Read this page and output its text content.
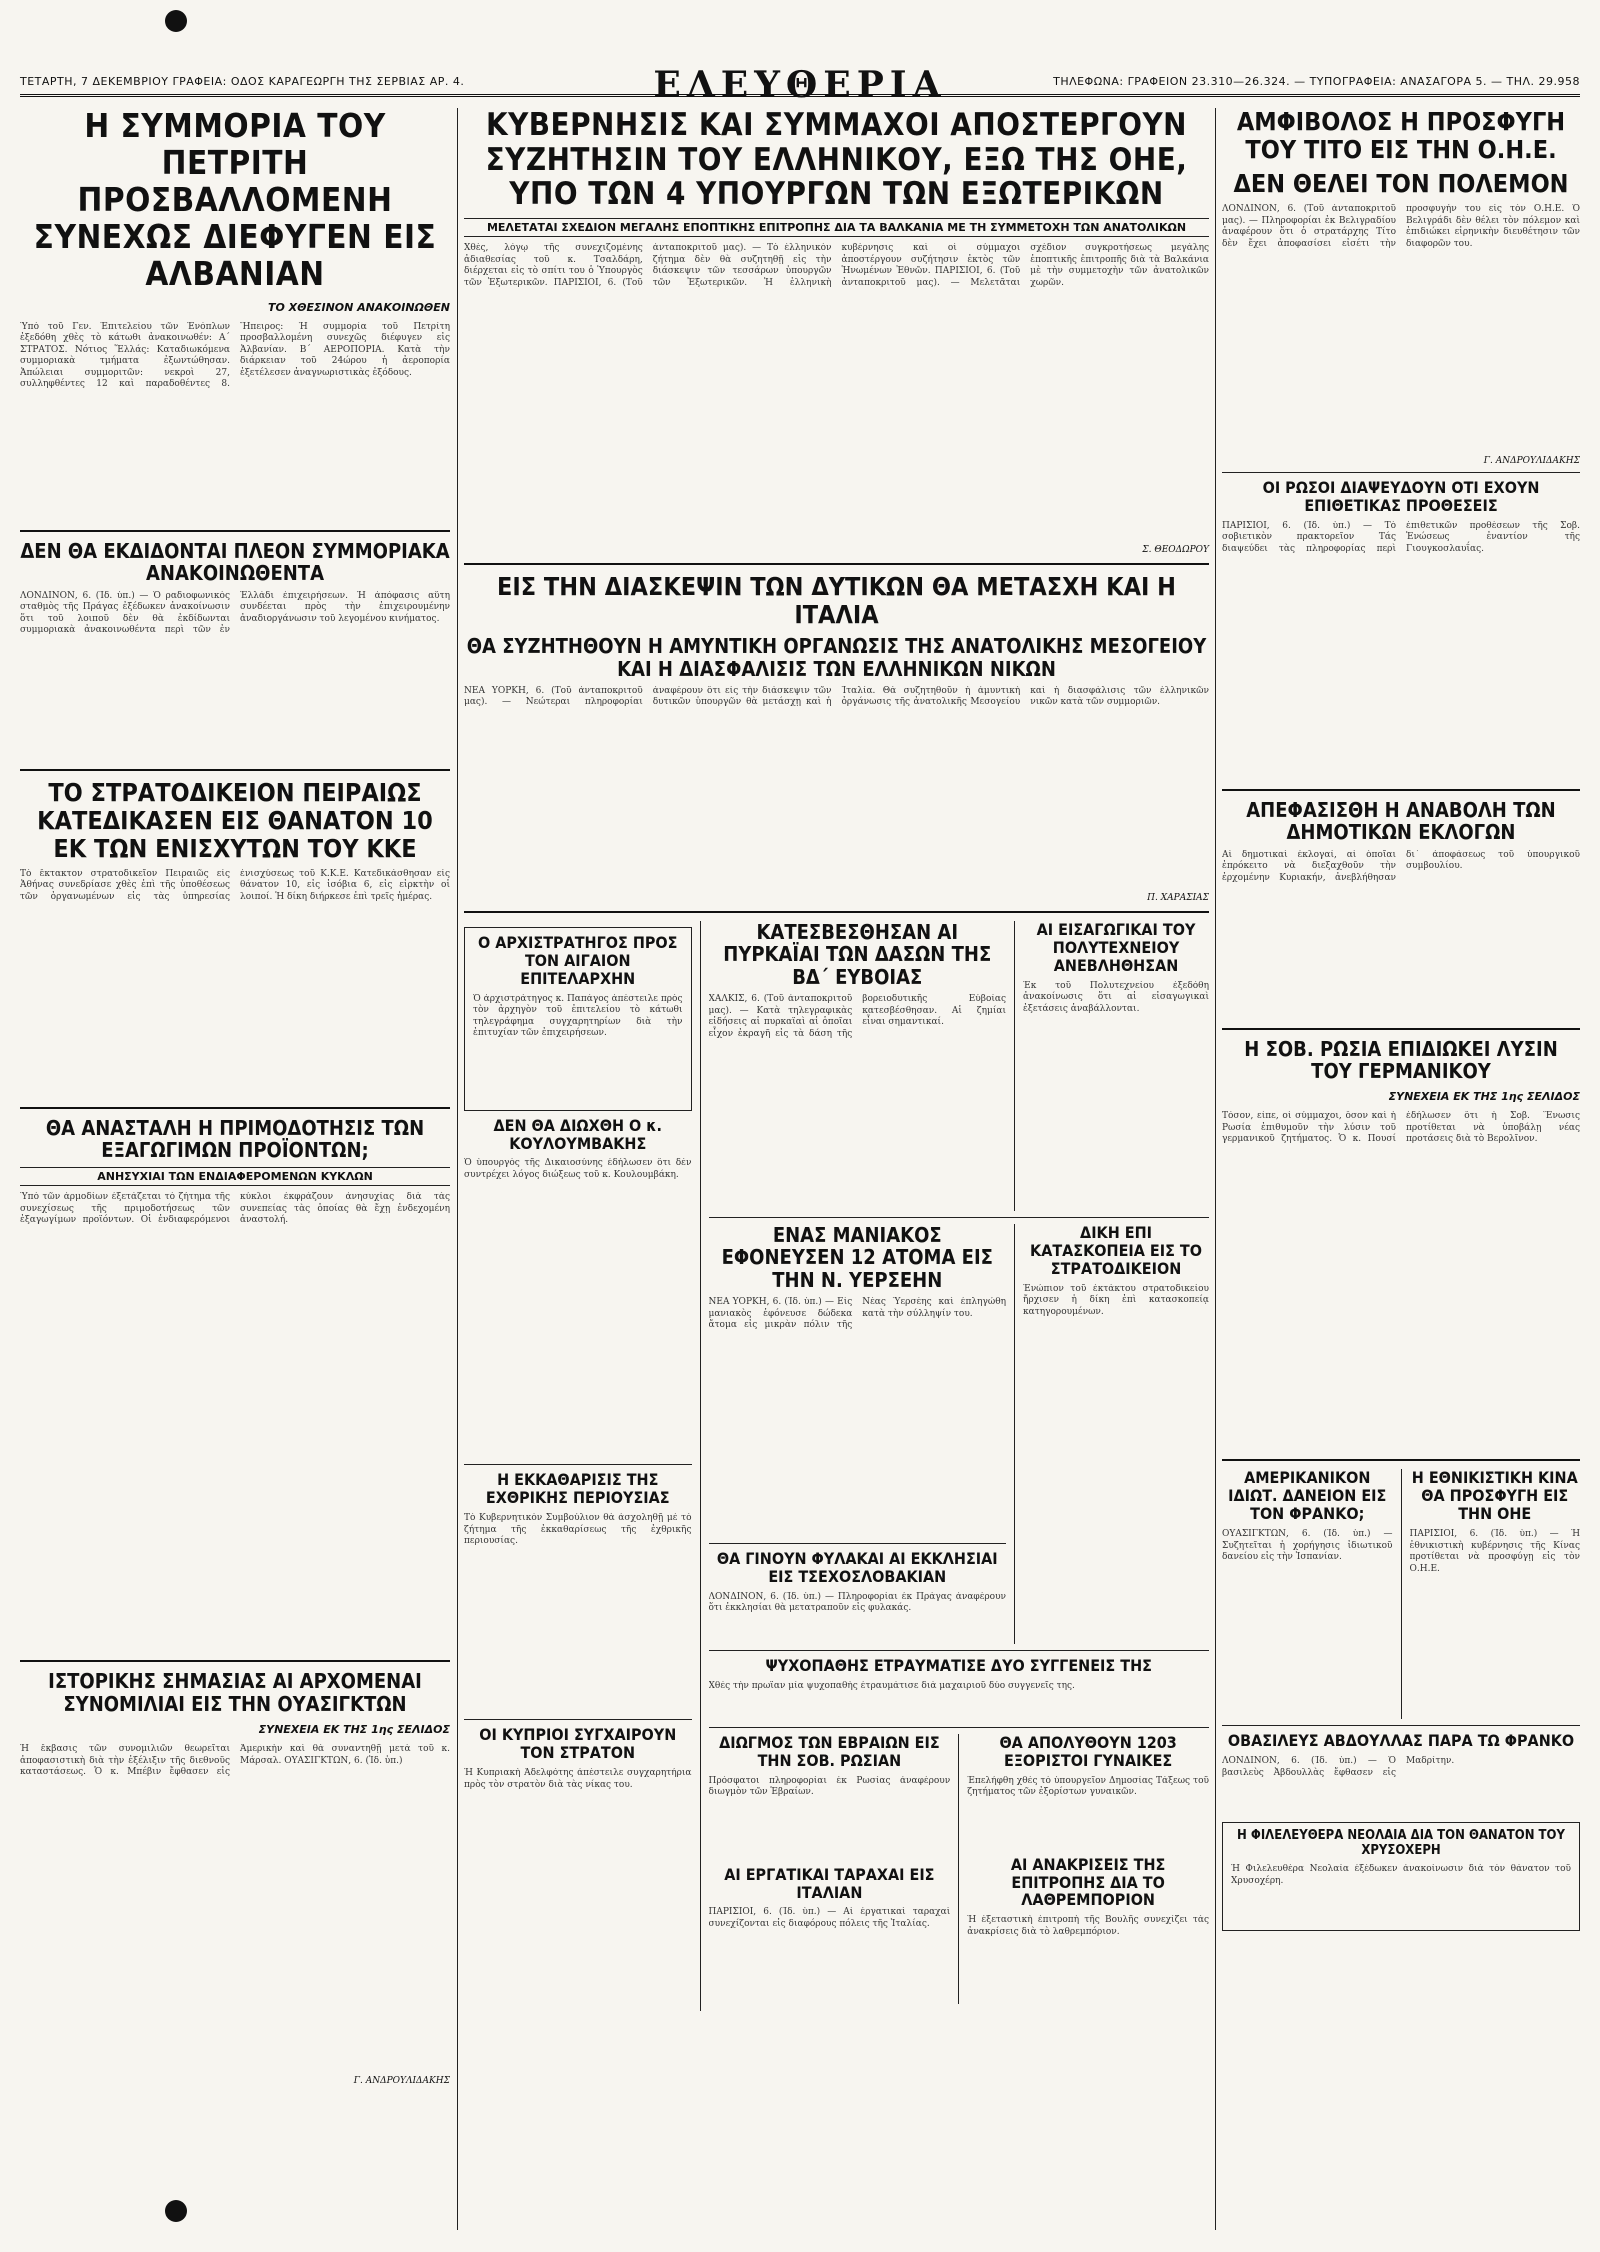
ΤΕΤΑΡΤΗ, 7 ΔΕΚΕΜΒΡΙΟΥ ΓΡΑΦΕΙΑ: ΟΔΟΣ ΚΑΡΑΓΕΩΡΓΗ ΤΗΣ ΣΕΡΒΙΑΣ ΑΡ. 4.	ΤΗΛΕΦΩΝΑ: ΓΡΑΦΕΙΟΝ 23.310—26.324. — ΤΥΠΟΓΡΑΦΕΙΑ: ΑΝΑΣΑΓΟΡΑ 5. — ΤΗΛ. 29.958
ΕΛΕΥΘΕΡΙΑ
Η ΣΥΜΜΟΡΙΑ ΤΟΥ ΠΕΤΡΙΤΗ ΠΡΟΣΒΑΛΛΟΜΕΝΗ ΣΥΝΕΧΩΣ ΔΙΕΦΥΓΕΝ ΕΙΣ ΑΛΒΑΝΙΑΝ
ΤΟ ΧΘΕΣΙΝΟΝ ΑΝΑΚΟΙΝΩΘΕΝ
Ὑπὸ τοῦ Γεν. Ἐπιτελείου τῶν Ἐνόπλων ἐξεδόθη χθὲς τὸ κάτωθι ἀνακοινωθέν: Α´ ΣΤΡΑΤΟΣ. Νότιος Ἕλλάς: Καταδιωκόμενα συμμοριακὰ τμήματα ἐξωντώθησαν. Ἀπώλειαι συμμοριτῶν: νεκροὶ 27, συλληφθέντες 12 καὶ παραδοθέντες 8. Ἤπειρος: Ἡ συμμορία τοῦ Πετρίτη προσβαλλομένη συνεχῶς διέφυγεν εἰς Ἀλβανίαν. Β´ ΑΕΡΟΠΟΡΙΑ. Κατὰ τὴν διάρκειαν τοῦ 24ώρου ἡ ἀεροπορία ἐξετέλεσεν ἀναγνωριστικὰς ἐξόδους.
ΔΕΝ ΘΑ ΕΚΔΙΔΟΝΤΑΙ ΠΛΕΟΝ ΣΥΜΜΟΡΙΑΚΑ ΑΝΑΚΟΙΝΩΘΕΝΤΑ
ΛΟΝΔΙΝΟΝ, 6. (Ἰδ. ὑπ.) — Ὁ ραδιοφωνικὸς σταθμὸς τῆς Πράγας ἐξέδωκεν ἀνακοίνωσιν ὅτι τοῦ λοιποῦ δὲν θὰ ἐκδίδωνται συμμοριακὰ ἀνακοινωθέντα περὶ τῶν ἐν Ἑλλάδι ἐπιχειρήσεων. Ἡ ἀπόφασις αὕτη συνδέεται πρὸς τὴν ἐπιχειρουμένην ἀναδιοργάνωσιν τοῦ λεγομένου κινήματος.
ΤΟ ΣΤΡΑΤΟΔΙΚΕΙΟΝ ΠΕΙΡΑΙΩΣ ΚΑΤΕΔΙΚΑΣΕΝ ΕΙΣ ΘΑΝΑΤΟΝ 10 ΕΚ ΤΩΝ ΕΝΙΣΧΥΤΩΝ ΤΟΥ ΚΚΕ
Τὸ ἔκτακτον στρατοδικεῖον Πειραιῶς εἰς Ἀθήνας συνεδρίασε χθὲς ἐπὶ τῆς ὑποθέσεως τῶν ὀργανωμένων εἰς τὰς ὑπηρεσίας ἐνισχύσεως τοῦ Κ.Κ.Ε. Κατεδικάσθησαν εἰς θάνατον 10, εἰς ἰσόβια 6, εἰς εἰρκτὴν οἱ λοιποί. Ἡ δίκη διήρκεσε ἐπὶ τρεῖς ἡμέρας.
ΘΑ ΑΝΑΣΤΑΛΗ Η ΠΡΙΜΟΔΟΤΗΣΙΣ ΤΩΝ ΕΞΑΓΩΓΙΜΩΝ ΠΡΟΪΟΝΤΩΝ;
ΑΝΗΣΥΧΙΑΙ ΤΩΝ ΕΝΔΙΑΦΕΡΟΜΕΝΩΝ ΚΥΚΛΩΝ
Ὑπὸ τῶν ἀρμοδίων ἐξετάζεται τὸ ζήτημα τῆς συνεχίσεως τῆς πριμοδοτήσεως τῶν ἐξαγωγίμων προϊόντων. Οἱ ἐνδιαφερόμενοι κύκλοι ἐκφράζουν ἀνησυχίας διὰ τὰς συνεπείας τὰς ὁποίας θὰ ἔχῃ ἐνδεχομένη ἀναστολή.
ΙΣΤΟΡΙΚΗΣ ΣΗΜΑΣΙΑΣ ΑΙ ΑΡΧΟΜΕΝΑΙ ΣΥΝΟΜΙΛΙΑΙ ΕΙΣ ΤΗΝ ΟΥΑΣΙΓΚΤΩΝ
ΣΥΝΕΧΕΙΑ ΕΚ ΤΗΣ 1ης ΣΕΛΙΔΟΣ
Ἡ ἔκβασις τῶν συνομιλιῶν θεωρεῖται ἀποφασιστικὴ διὰ τὴν ἐξέλιξιν τῆς διεθνοῦς καταστάσεως. Ὁ κ. Μπέβιν ἔφθασεν εἰς Ἀμερικὴν καὶ θὰ συναντηθῇ μετὰ τοῦ κ. Μάρσαλ. ΟΥΑΣΙΓΚΤΩΝ, 6. (Ἰδ. ὑπ.)
Γ. ΑΝΔΡΟΥΛΙΔΑΚΗΣ
ΚΥΒΕΡΝΗΣΙΣ ΚΑΙ ΣΥΜΜΑΧΟΙ ΑΠΟΣΤΕΡΓΟΥΝ ΣΥΖΗΤΗΣΙΝ ΤΟΥ ΕΛΛΗΝΙΚΟΥ, ΕΞΩ ΤΗΣ ΟΗΕ, ΥΠΟ ΤΩΝ 4 ΥΠΟΥΡΓΩΝ ΤΩΝ ΕΞΩΤΕΡΙΚΩΝ
ΜΕΛΕΤΑΤΑΙ ΣΧΕΔΙΟΝ ΜΕΓΑΛΗΣ ΕΠΟΠΤΙΚΗΣ ΕΠΙΤΡΟΠΗΣ ΔΙΑ ΤΑ ΒΑΛΚΑΝΙΑ ΜΕ ΤΗ ΣΥΜΜΕΤΟΧΗ ΤΩΝ ΑΝΑΤΟΛΙΚΩΝ
Χθές, λόγῳ τῆς συνεχιζομένης ἀδιαθεσίας τοῦ κ. Τσαλδάρη, διέρχεται εἰς τὸ σπίτι του ὁ Ὑπουργὸς τῶν Ἐξωτερικῶν. ΠΑΡΙΣΙΟΙ, 6. (Τοῦ ἀνταποκριτοῦ μας). — Τὸ ἑλληνικὸν ζήτημα δὲν θὰ συζητηθῇ εἰς τὴν διάσκεψιν τῶν τεσσάρων ὑπουργῶν τῶν Ἐξωτερικῶν. Ἡ ἑλληνικὴ κυβέρνησις καὶ οἱ σύμμαχοι ἀποστέργουν συζήτησιν ἐκτὸς τῶν Ἡνωμένων Ἐθνῶν. ΠΑΡΙΣΙΟΙ, 6. (Τοῦ ἀνταποκριτοῦ μας). — Μελετᾶται σχέδιον συγκροτήσεως μεγάλης ἐποπτικῆς ἐπιτροπῆς διὰ τὰ Βαλκάνια μὲ τὴν συμμετοχὴν τῶν ἀνατολικῶν χωρῶν.
Σ. ΘΕΟΔΩΡΟΥ
ΕΙΣ ΤΗΝ ΔΙΑΣΚΕΨΙΝ ΤΩΝ ΔΥΤΙΚΩΝ ΘΑ ΜΕΤΑΣΧΗ ΚΑΙ Η ΙΤΑΛΙΑ
ΘΑ ΣΥΖΗΤΗΘΟΥΝ Η ΑΜΥΝΤΙΚΗ ΟΡΓΑΝΩΣΙΣ ΤΗΣ ΑΝΑΤΟΛΙΚΗΣ ΜΕΣΟΓΕΙΟΥ ΚΑΙ Η ΔΙΑΣΦΑΛΙΣΙΣ ΤΩΝ ΕΛΛΗΝΙΚΩΝ ΝΙΚΩΝ
ΝΕΑ ΥΟΡΚΗ, 6. (Τοῦ ἀνταποκριτοῦ μας). — Νεώτεραι πληροφορίαι ἀναφέρουν ὅτι εἰς τὴν διάσκεψιν τῶν δυτικῶν ὑπουργῶν θὰ μετάσχῃ καὶ ἡ Ἰταλία. Θὰ συζητηθοῦν ἡ ἀμυντικὴ ὀργάνωσις τῆς ἀνατολικῆς Μεσογείου καὶ ἡ διασφάλισις τῶν ἑλληνικῶν νικῶν κατὰ τῶν συμμοριῶν.
Π. ΧΑΡΑΣΙΑΣ
Ο ΑΡΧΙΣΤΡΑΤΗΓΟΣ ΠΡΟΣ ΤΟΝ ΑΙΓΑΙΟΝ ΕΠΙΤΕΛΑΡΧΗΝ
Ὁ ἀρχιστράτηγος κ. Παπάγος ἀπέστειλε πρὸς τὸν ἀρχηγὸν τοῦ ἐπιτελείου τὸ κάτωθι τηλεγράφημα συγχαρητηρίων διὰ τὴν ἐπιτυχίαν τῶν ἐπιχειρήσεων.
ΔΕΝ ΘΑ ΔΙΩΧΘΗ Ο κ. ΚΟΥΛΟΥΜΒΑΚΗΣ
Ὁ ὑπουργὸς τῆς Δικαιοσύνης ἐδήλωσεν ὅτι δὲν συντρέχει λόγος διώξεως τοῦ κ. Κουλουμβάκη.
Η ΕΚΚΑΘΑΡΙΣΙΣ ΤΗΣ ΕΧΘΡΙΚΗΣ ΠΕΡΙΟΥΣΙΑΣ
Τὸ Κυβερνητικὸν Συμβούλιον θὰ ἀσχοληθῇ μὲ τὸ ζήτημα τῆς ἐκκαθαρίσεως τῆς ἐχθρικῆς περιουσίας.
ΟΙ ΚΥΠΡΙΟΙ ΣΥΓΧΑΙΡΟΥΝ ΤΟΝ ΣΤΡΑΤΟΝ
Ἡ Κυπριακὴ Ἀδελφότης ἀπέστειλε συγχαρητήρια πρὸς τὸν στρατὸν διὰ τὰς νίκας του.
ΚΑΤΕΣΒΕΣΘΗΣΑΝ ΑΙ ΠΥΡΚΑΪΑΙ ΤΩΝ ΔΑΣΩΝ ΤΗΣ ΒΔ´ ΕΥΒΟΙΑΣ
ΧΑΛΚΙΣ, 6. (Τοῦ ἀνταποκριτοῦ μας). — Κατὰ τηλεγραφικὰς εἰδήσεις αἱ πυρκαϊαὶ αἱ ὁποῖαι εἶχον ἐκραγῆ εἰς τὰ δάση τῆς βορειοδυτικῆς Εὐβοίας κατεσβέσθησαν. Αἱ ζημίαι εἶναι σημαντικαί.
ΑΙ ΕΙΣΑΓΩΓΙΚΑΙ ΤΟΥ ΠΟΛΥΤΕΧΝΕΙΟΥ ΑΝΕΒΛΗΘΗΣΑΝ
Ἐκ τοῦ Πολυτεχνείου ἐξεδόθη ἀνακοίνωσις ὅτι αἱ εἰσαγωγικαὶ ἐξετάσεις ἀναβάλλονται.
ΕΝΑΣ ΜΑΝΙΑΚΟΣ ΕΦΟΝΕΥΣΕΝ 12 ΑΤΟΜΑ ΕΙΣ ΤΗΝ Ν. ΥΕΡΣΕΗΝ
ΝΕΑ ΥΟΡΚΗ, 6. (Ἰδ. ὑπ.) — Εἷς μανιακὸς ἐφόνευσε δώδεκα ἄτομα εἰς μικρὰν πόλιν τῆς Νέας Ὑερσέης καὶ ἐπληγώθη κατὰ τὴν σύλληψίν του.
ΘΑ ΓΙΝΟΥΝ ΦΥΛΑΚΑΙ ΑΙ ΕΚΚΛΗΣΙΑΙ ΕΙΣ ΤΣΕΧΟΣΛΟΒΑΚΙΑΝ
ΛΟΝΔΙΝΟΝ, 6. (Ἰδ. ὑπ.) — Πληροφορίαι ἐκ Πράγας ἀναφέρουν ὅτι ἐκκλησίαι θὰ μετατραποῦν εἰς φυλακάς.
ΔΙΚΗ ΕΠΙ ΚΑΤΑΣΚΟΠΕΙΑ ΕΙΣ ΤΟ ΣΤΡΑΤΟΔΙΚΕΙΟΝ
Ἐνώπιον τοῦ ἐκτάκτου στρατοδικείου ἤρχισεν ἡ δίκη ἐπὶ κατασκοπείᾳ κατηγορουμένων.
ΨΥΧΟΠΑΘΗΣ ΕΤΡΑΥΜΑΤΙΣΕ ΔΥΟ ΣΥΓΓΕΝΕΙΣ ΤΗΣ
Χθὲς τὴν πρωΐαν μία ψυχοπαθὴς ἐτραυμάτισε διὰ μαχαιριοῦ δύο συγγενεῖς της.
ΔΙΩΓΜΟΣ ΤΩΝ ΕΒΡΑΙΩΝ ΕΙΣ ΤΗΝ ΣΟΒ. ΡΩΣΙΑΝ
Πρόσφατοι πληροφορίαι ἐκ Ρωσίας ἀναφέρουν διωγμὸν τῶν Ἑβραίων.
ΑΙ ΕΡΓΑΤΙΚΑΙ ΤΑΡΑΧΑΙ ΕΙΣ ΙΤΑΛΙΑΝ
ΠΑΡΙΣΙΟΙ, 6. (Ἰδ. ὑπ.) — Αἱ ἐργατικαὶ ταραχαὶ συνεχίζονται εἰς διαφόρους πόλεις τῆς Ἰταλίας.
ΘΑ ΑΠΟΛΥΘΟΥΝ 1203 ΕΞΟΡΙΣΤΟΙ ΓΥΝΑΙΚΕΣ
Ἐπελήφθη χθὲς τὸ ὑπουργεῖον Δημοσίας Τάξεως τοῦ ζητήματος τῶν ἐξορίστων γυναικῶν.
ΑΙ ΑΝΑΚΡΙΣΕΙΣ ΤΗΣ ΕΠΙΤΡΟΠΗΣ ΔΙΑ ΤΟ ΛΑΘΡΕΜΠΟΡΙΟΝ
Ἡ ἐξεταστικὴ ἐπιτροπὴ τῆς Βουλῆς συνεχίζει τὰς ἀνακρίσεις διὰ τὸ λαθρεμπόριον.
ΑΜΦΙΒΟΛΟΣ Η ΠΡΟΣΦΥΓΗ ΤΟΥ ΤΙΤΟ ΕΙΣ ΤΗΝ Ο.Η.Ε.
ΔΕΝ ΘΕΛΕΙ ΤΟΝ ΠΟΛΕΜΟΝ
ΛΟΝΔΙΝΟΝ, 6. (Τοῦ ἀνταποκριτοῦ μας). — Πληροφορίαι ἐκ Βελιγραδίου ἀναφέρουν ὅτι ὁ στρατάρχης Τίτο δὲν ἔχει ἀποφασίσει εἰσέτι τὴν προσφυγήν του εἰς τὸν Ο.Η.Ε. Ὁ Βελιγράδι δὲν θέλει τὸν πόλεμον καὶ ἐπιδιώκει εἰρηνικὴν διευθέτησιν τῶν διαφορῶν του.
Γ. ΑΝΔΡΟΥΛΙΔΑΚΗΣ
ΟΙ ΡΩΣΟΙ ΔΙΑΨΕΥΔΟΥΝ ΟΤΙ ΕΧΟΥΝ ΕΠΙΘΕΤΙΚΑΣ ΠΡΟΘΕΣΕΙΣ
ΠΑΡΙΣΙΟΙ, 6. (Ἰδ. ὑπ.) — Τὸ σοβιετικὸν πρακτορεῖον Τάς διαψεύδει τὰς πληροφορίας περὶ ἐπιθετικῶν προθέσεων τῆς Σοβ. Ἑνώσεως ἐναντίον τῆς Γιουγκοσλαυΐας.
ΑΠΕΦΑΣΙΣΘΗ Η ΑΝΑΒΟΛΗ ΤΩΝ ΔΗΜΟΤΙΚΩΝ ΕΚΛΟΓΩΝ
Αἱ δημοτικαὶ ἐκλογαί, αἱ ὁποῖαι ἐπρόκειτο νὰ διεξαχθοῦν τὴν ἐρχομένην Κυριακήν, ἀνεβλήθησαν δι᾽ ἀποφάσεως τοῦ ὑπουργικοῦ συμβουλίου.
Η ΣΟΒ. ΡΩΣΙΑ ΕΠΙΔΙΩΚΕΙ ΛΥΣΙΝ ΤΟΥ ΓΕΡΜΑΝΙΚΟΥ
ΣΥΝΕΧΕΙΑ ΕΚ ΤΗΣ 1ης ΣΕΛΙΔΟΣ
Τόσον, εἶπε, οἱ σύμμαχοι, ὅσον καὶ ἡ Ρωσία ἐπιθυμοῦν τὴν λύσιν τοῦ γερμανικοῦ ζητήματος. Ὁ κ. Πουσί ἐδήλωσεν ὅτι ἡ Σοβ. Ἕνωσις προτίθεται νὰ ὑποβάλῃ νέας προτάσεις διὰ τὸ Βερολῖνον.
ΑΜΕΡΙΚΑΝΙΚΟΝ ΙΔΙΩΤ. ΔΑΝΕΙΟΝ ΕΙΣ ΤΟΝ ΦΡΑΝΚΟ;
ΟΥΑΣΙΓΚΤΩΝ, 6. (Ἰδ. ὑπ.) — Συζητεῖται ἡ χορήγησις ἰδιωτικοῦ δανείου εἰς τὴν Ἱσπανίαν.
Η ΕΘΝΙΚΙΣΤΙΚΗ ΚΙΝΑ ΘΑ ΠΡΟΣΦΥΓΗ ΕΙΣ ΤΗΝ ΟΗΕ
ΠΑΡΙΣΙΟΙ, 6. (Ἰδ. ὑπ.) — Ἡ ἐθνικιστικὴ κυβέρνησις τῆς Κίνας προτίθεται νὰ προσφύγῃ εἰς τὸν Ο.Η.Ε.
ΟΒΑΣΙΛΕΥΣ ΑΒΔΟΥΛΛΑΣ ΠΑΡΑ ΤΩ ΦΡΑΝΚΟ
ΛΟΝΔΙΝΟΝ, 6. (Ἰδ. ὑπ.) — Ὁ βασιλεὺς Ἀβδουλλὰς ἔφθασεν εἰς Μαδρίτην.
Η ΦΙΛΕΛΕΥΘΕΡΑ ΝΕΟΛΑΙΑ ΔΙΑ ΤΟΝ ΘΑΝΑΤΟΝ ΤΟΥ ΧΡΥΣΟΧΕΡΗ
Ἡ Φιλελευθέρα Νεολαία ἐξέδωκεν ἀνακοίνωσιν διὰ τὸν θάνατον τοῦ Χρυσοχέρη.
